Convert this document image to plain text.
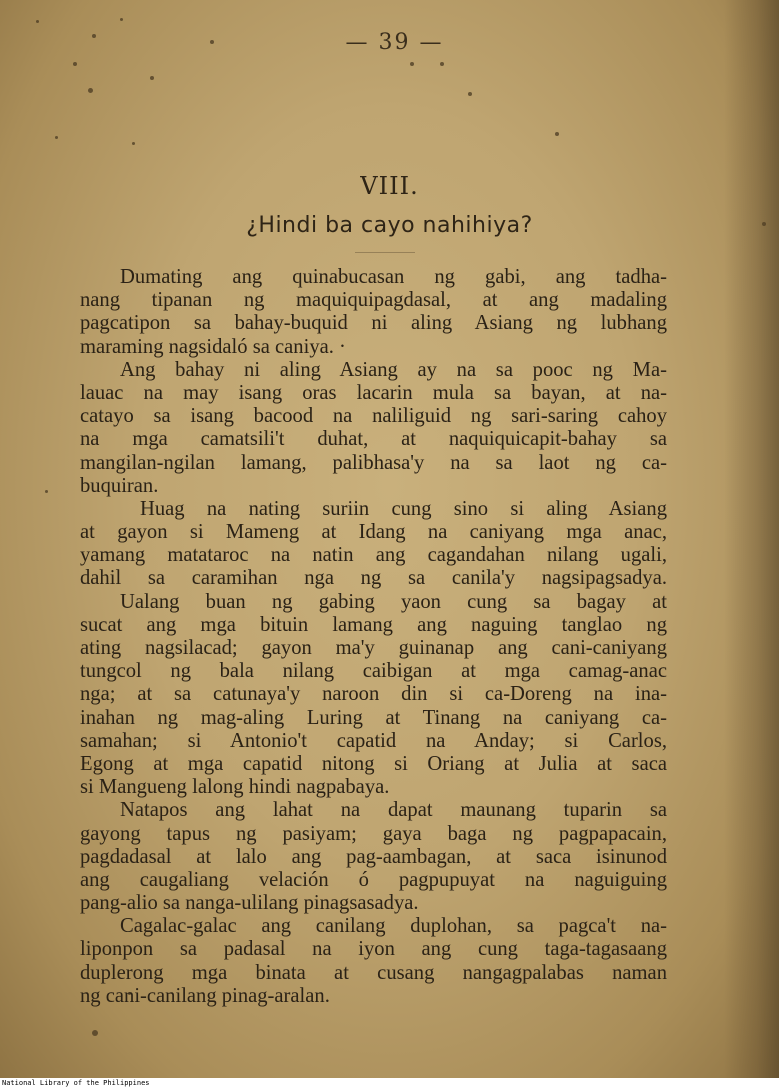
— 39 —
VIII.
¿Hindi ba cayo nahihiya?
Dumating ang quinabucasan ng gabi, ang tadha-
nang tipanan ng maquiquipagdasal, at ang madaling
pagcatipon sa bahay-buquid ni aling Asiang ng lubhang
maraming nagsidaló sa caniya. ·
Ang bahay ni aling Asiang ay na sa pooc ng Ma-
lauac na may isang oras lacarin mula sa bayan, at na-
catayo sa isang bacood na naliliguid ng sari-saring cahoy
na mga camatsili't duhat, at naquiquicapit-bahay sa
mangilan-ngilan lamang, palibhasa'y na sa laot ng ca-
buquiran.
Huag na nating suriin cung sino si aling Asiang
at gayon si Mameng at Idang na caniyang mga anac,
yamang matataroc na natin ang cagandahan nilang ugali,
dahil sa caramihan nga ng sa canila'y nagsipagsadya.
Ualang buan ng gabing yaon cung sa bagay at
sucat ang mga bituin lamang ang naguing tanglao ng
ating nagsilacad; gayon ma'y guinanap ang cani-caniyang
tungcol ng bala nilang caibigan at mga camag-anac
nga; at sa catunaya'y naroon din si ca-Doreng na ina-
inahan ng mag-aling Luring at Tinang na caniyang ca-
samahan; si Antonio't capatid na Anday; si Carlos,
Egong at mga capatid nitong si Oriang at Julia at saca
si Mangueng lalong hindi nagpabaya.
Natapos ang lahat na dapat maunang tuparin sa
gayong tapus ng pasiyam; gaya baga ng pagpapacain,
pagdadasal at lalo ang pag-aambagan, at saca isinunod
ang caugaliang velación ó pagpupuyat na naguiguing
pang-alio sa nanga-ulilang pinagsasadya.
Cagalac-galac ang canilang duplohan, sa pagca't na-
liponpon sa padasal na iyon ang cung taga-tagasaang
duplerong mga binata at cusang nangagpalabas naman
ng cani-canilang pinag-aralan.
National Library of the Philippines
